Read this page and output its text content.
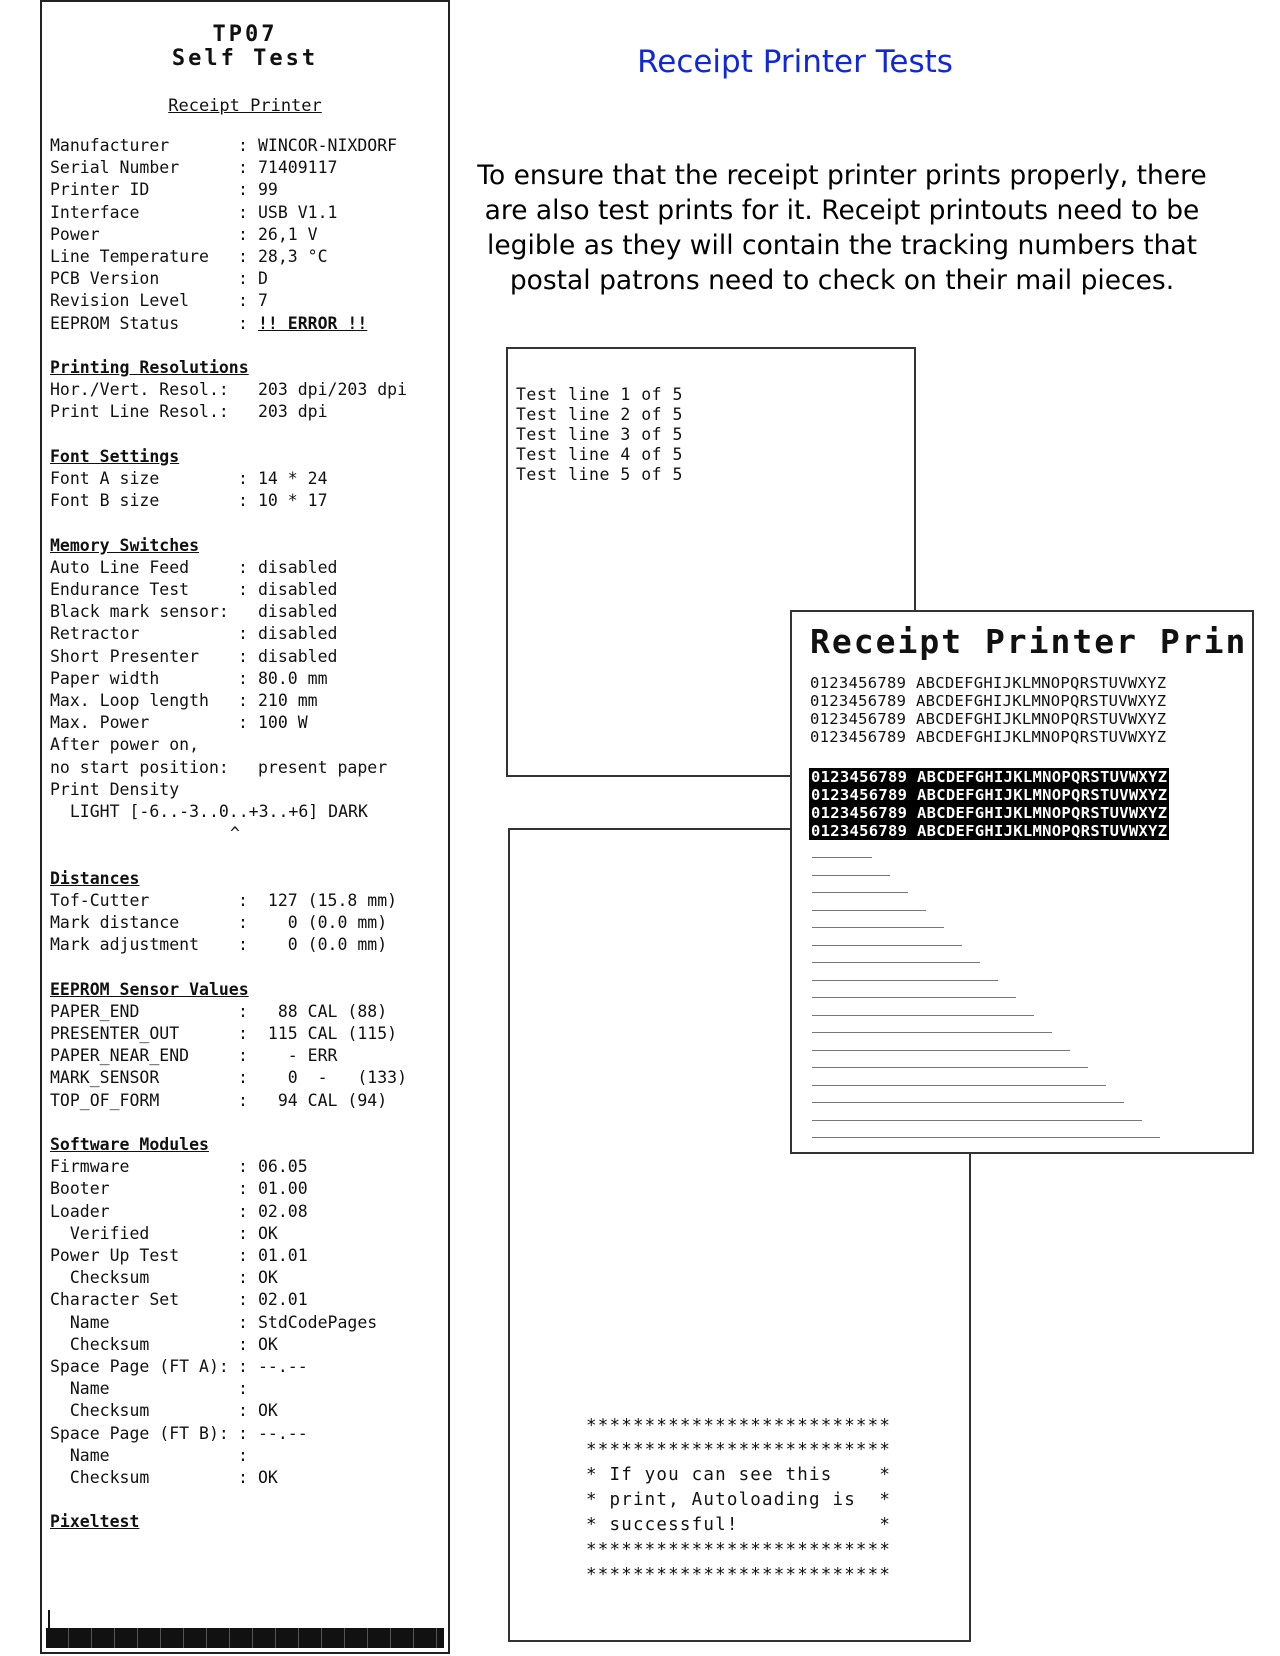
TP07
Self Test
Receipt Printer
Manufacturer	: WINCOR-NIXDORF
Serial Number	: 71409117
Printer ID	: 99
Interface	: USB V1.1
Power	: 26,1 V
Line Temperature : 28,3 °C
PCB Version	: D
Revision Level	: 7
EEPROM Status	: !! ERROR !!
Printing Resolutions
Hor./Vert. Resol.: 203 dpi/203 dpi
Print Line Resol.: 203 dpi
Font Settings
Font A size	: 14 * 24
Font B size	: 10 * 17
Memory Switches
Auto Line Feed	: disabled
Endurance Test	: disabled
Black mark sensor: disabled
Retractor	: disabled
Short Presenter : disabled
Paper width	: 80.0 mm
Max. Loop length : 210 mm
Max. Power	: 100 W
After power on,
no start position: present paper
Print Density
LIGHT [-6..-3..0..+3..+6] DARK
^
Distances
Tof-Cutter	: 127 (15.8 mm)
Mark distance	: 0 (0.0 mm)
Mark adjustment : 0 (0.0 mm)
EEPROM Sensor Values
PAPER_END	: 88 CAL (88)
PRESENTER_OUT	: 115 CAL (115)
PAPER_NEAR_END	: - ERR
MARK_SENSOR	: 0  -   (133)
TOP_OF_FORM	: 94 CAL (94)
Software Modules
Firmware	: 06.05
Booter	: 01.00
Loader	: 02.08
Verified	: OK
Power Up Test	: 01.01
Checksum	: OK
Character Set	: 02.01
Name	: StdCodePages
Checksum	: OK
Space Page (FT A): : --.--
Name	:
Checksum	: OK
Space Page (FT B): : --.--
Name	:
Checksum	: OK
Pixeltest
Receipt Printer Tests
To ensure that the receipt printer prints properly, there are also test prints for it. Receipt printouts need to be legible as they will contain the tracking numbers that postal patrons need to check on their mail pieces.
Test line 1 of 5
Test line 2 of 5
Test line 3 of 5
Test line 4 of 5
Test line 5 of 5
**************************
**************************
* If you can see this    *
* print, Autoloading is  *
* successful!            *
**************************
**************************
Receipt Printer Prin
0123456789 ABCDEFGHIJKLMNOPQRSTUVWXYZ
0123456789 ABCDEFGHIJKLMNOPQRSTUVWXYZ
0123456789 ABCDEFGHIJKLMNOPQRSTUVWXYZ
0123456789 ABCDEFGHIJKLMNOPQRSTUVWXYZ
0123456789 ABCDEFGHIJKLMNOPQRSTUVWXYZ
0123456789 ABCDEFGHIJKLMNOPQRSTUVWXYZ
0123456789 ABCDEFGHIJKLMNOPQRSTUVWXYZ
0123456789 ABCDEFGHIJKLMNOPQRSTUVWXYZ
